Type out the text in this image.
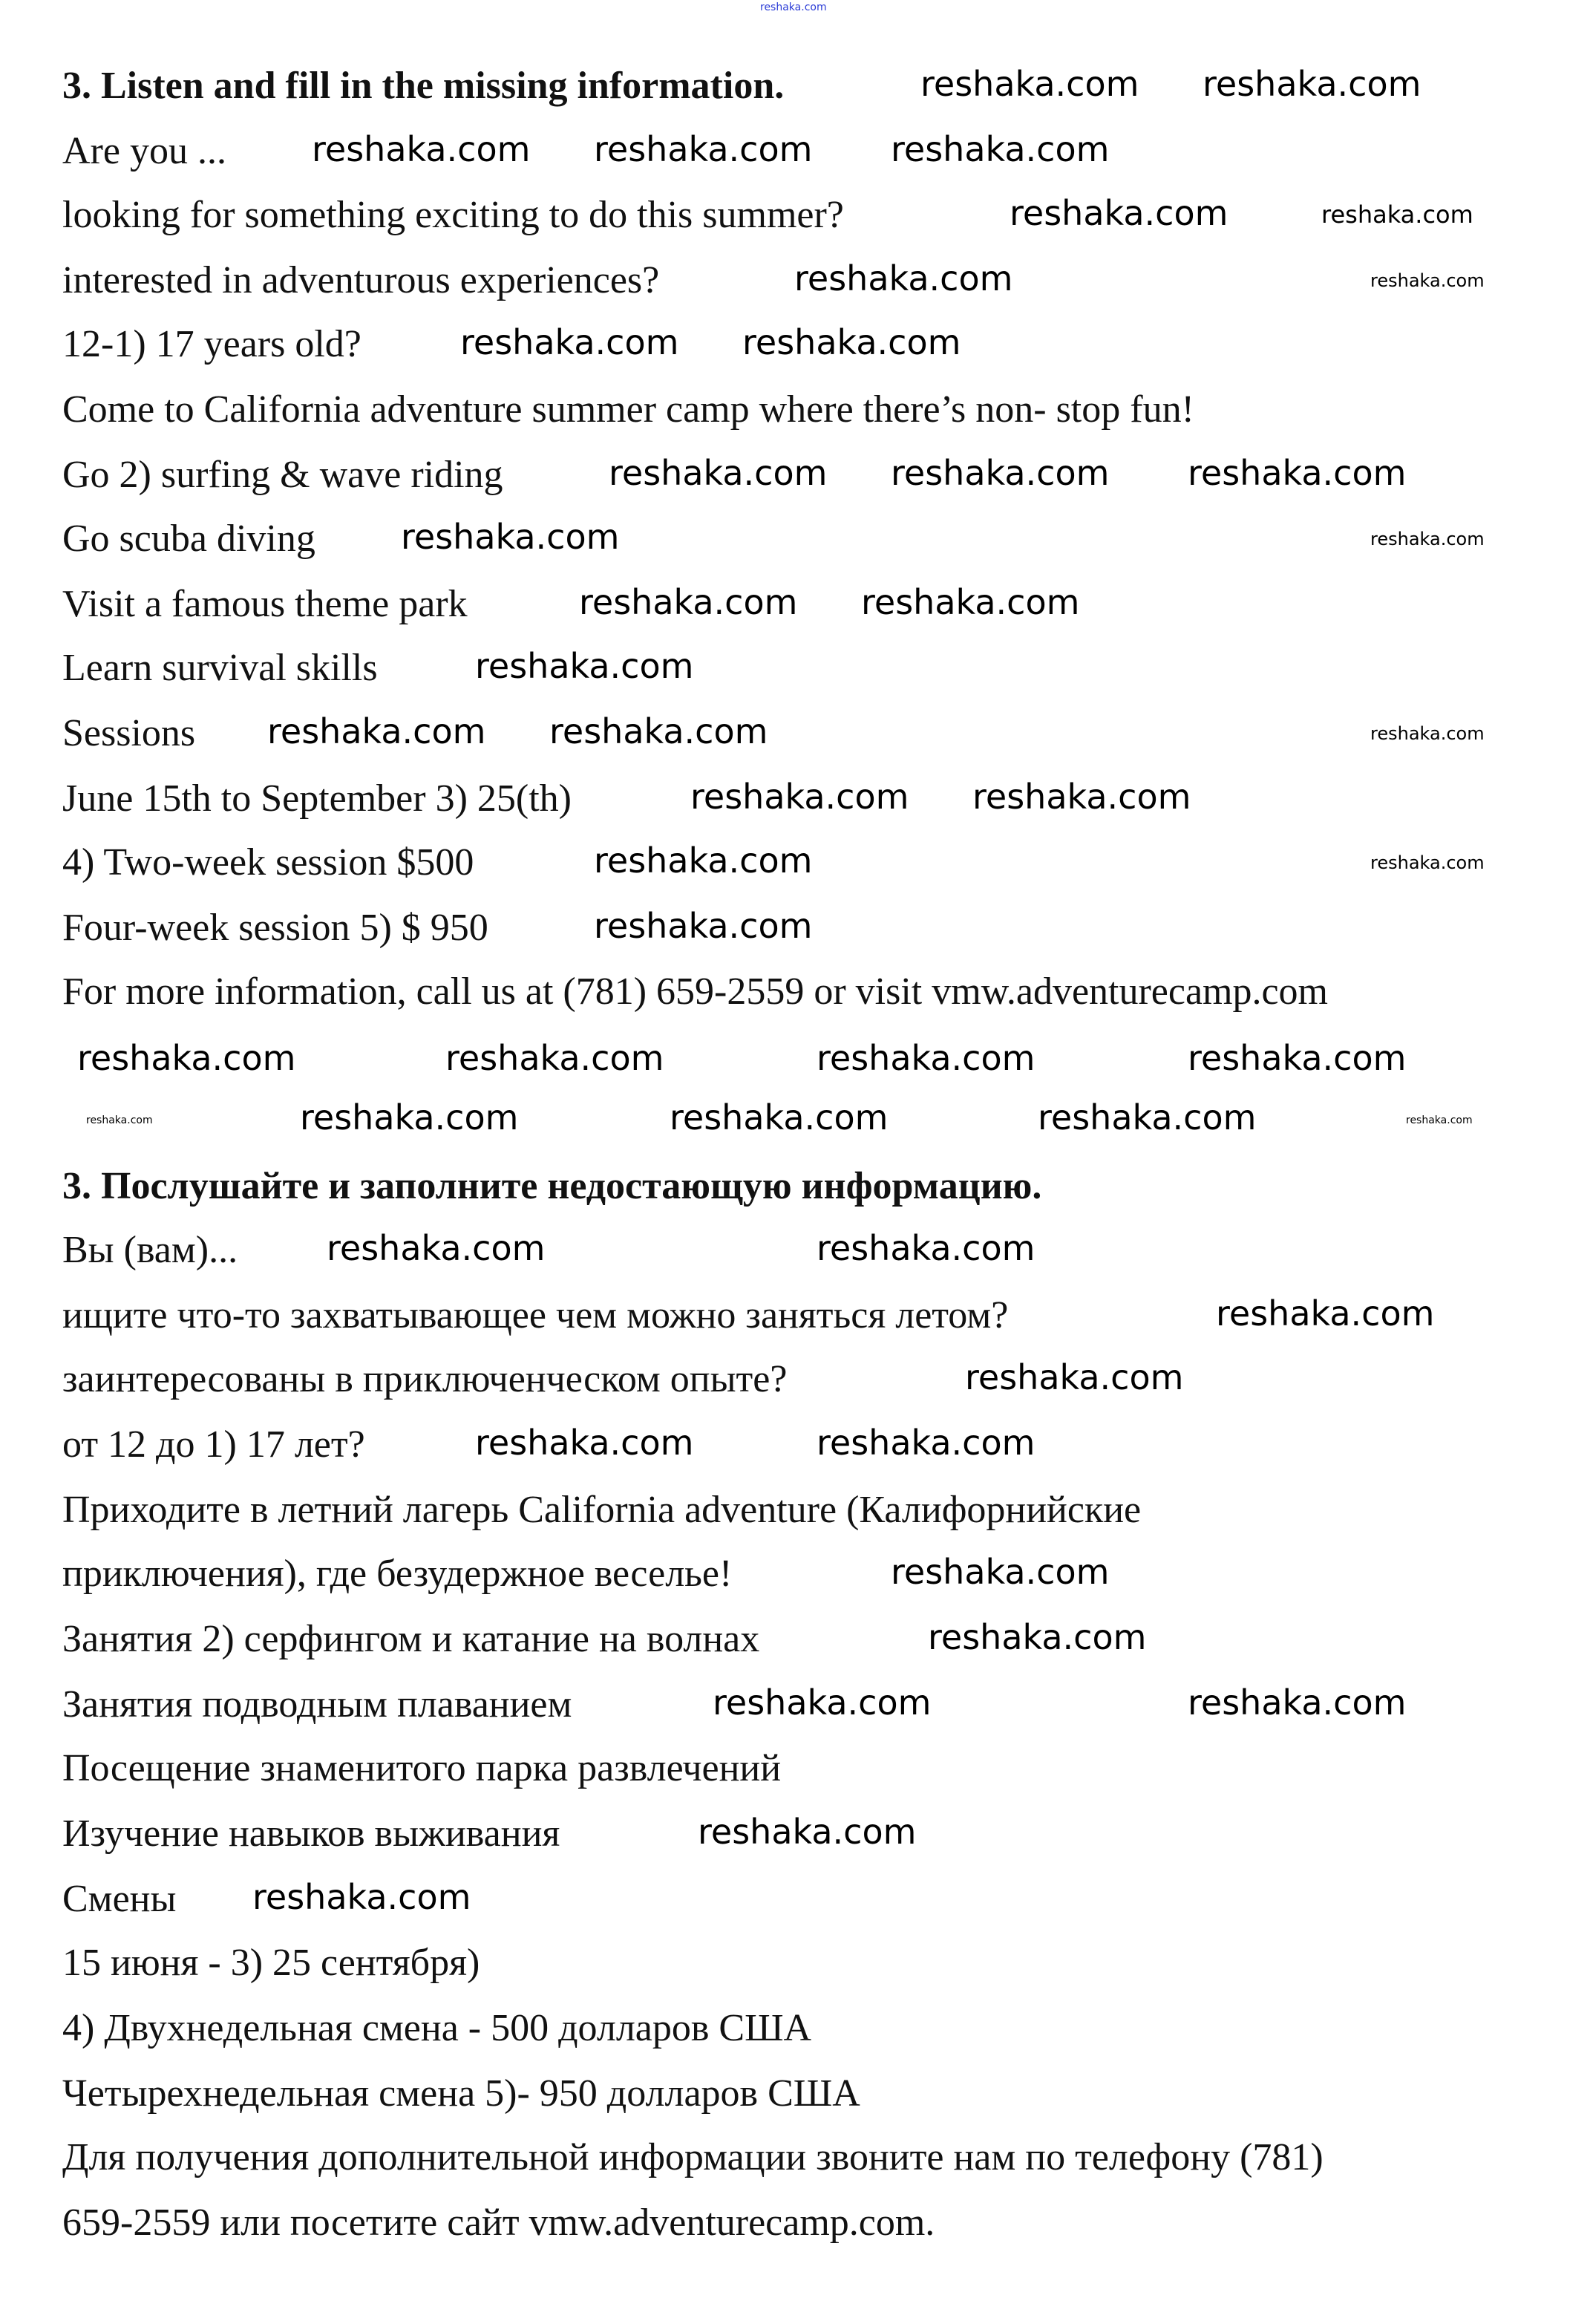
reshaka.com
3. Listen and fill in the missing information.
Are you ...
looking for something exciting to do this summer?
interested in adventurous experiences?
12-1) 17 years old?
Come to California adventure summer camp where there’s non- stop fun!
Go 2) surfing & wave riding
Go scuba diving
Visit a famous theme park
Learn survival skills
Sessions
June 15th to September 3) 25(th)
4) Two-week session $500
Four-week session 5) $ 950
For more information, call us at (781) 659-2559 or visit vmw.adventurecamp.com
3. Послушайте и заполните недостающую информацию.
Вы (вам)...
ищите что-то захватывающее чем можно заняться летом?
заинтересованы в приключенческом опыте?
от 12 до 1) 17 лет?
Приходите в летний лагерь California adventure (Калифорнийские
приключения), где безудержное веселье!
Занятия 2) серфингом и катание на волнах
Занятия подводным плаванием
Посещение знаменитого парка развлечений
Изучение навыков выживания
Смены
15 июня - 3) 25 сентября)
4) Двухнедельная смена - 500 долларов США
Четырехнедельная смена 5)- 950 долларов США
Для получения дополнительной информации звоните нам по телефону (781)
659-2559 или посетите сайт vmw.adventurecamp.com.
reshaka.com reshaka.com
reshaka.com reshaka.com reshaka.com
reshaka.com	reshaka.com
reshaka.com	reshaka.com
reshaka.com reshaka.com
reshaka.com reshaka.com reshaka.com
reshaka.com	reshaka.com
reshaka.com reshaka.com
reshaka.com
reshaka.com reshaka.com	reshaka.com
reshaka.com reshaka.com
reshaka.com	reshaka.com
reshaka.com
reshaka.com	reshaka.com	reshaka.com	reshaka.com
reshaka.com	reshaka.com	reshaka.com	reshaka.com	reshaka.com
reshaka.com	reshaka.com
reshaka.com
reshaka.com
reshaka.com	reshaka.com
reshaka.com
reshaka.com
reshaka.com	reshaka.com
reshaka.com
reshaka.com
